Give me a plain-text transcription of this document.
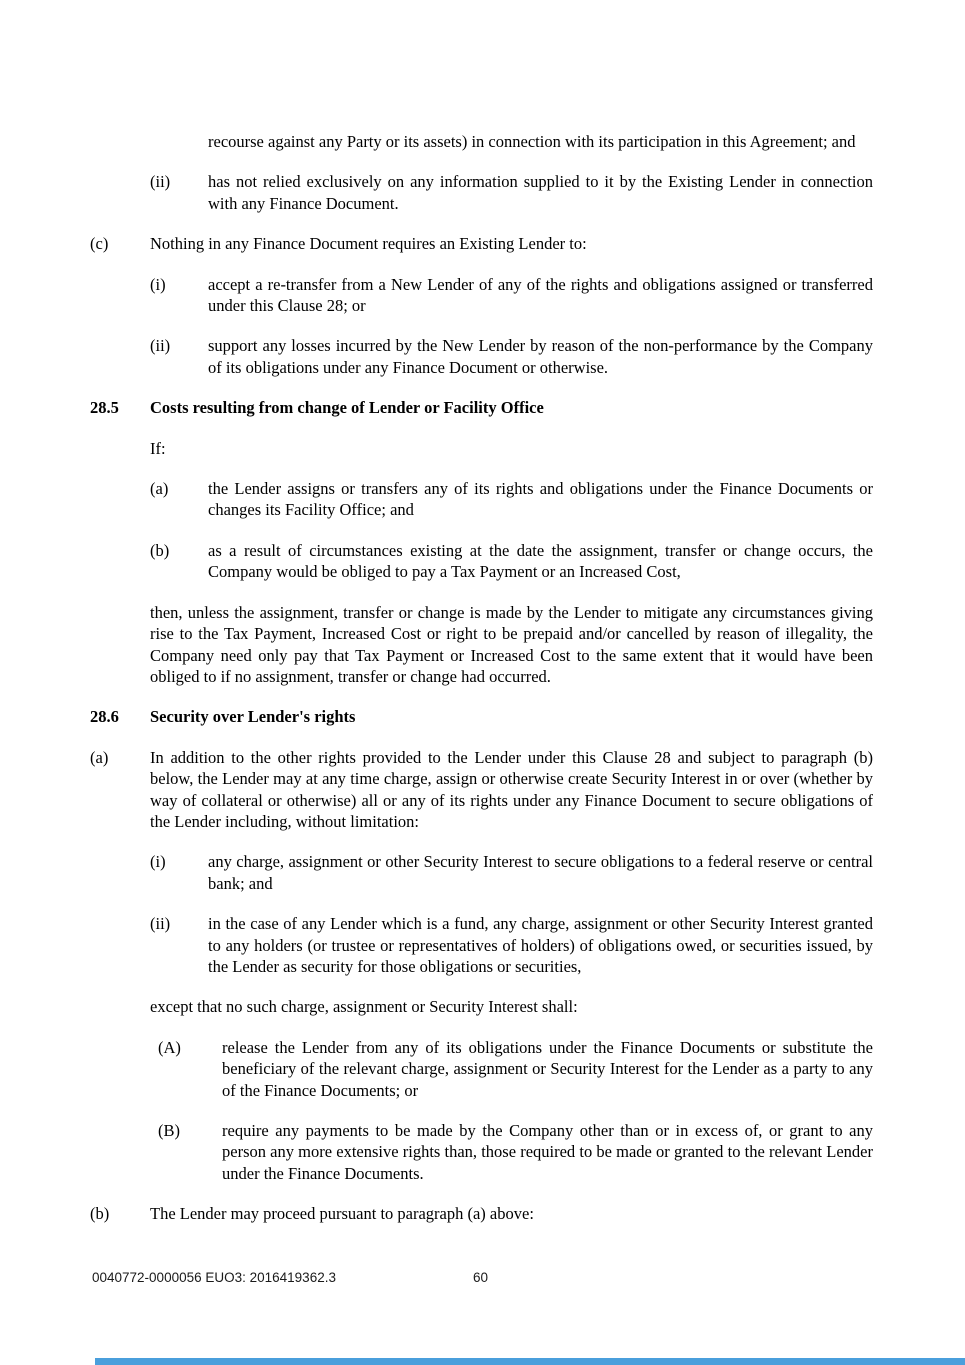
recourse against any Party or its assets) in connection with its participation in this Agreement; and
(ii)	has not relied exclusively on any information supplied to it by the Existing Lender in connection with any Finance Document.
(c)	Nothing in any Finance Document requires an Existing Lender to:
(i)	accept a re-transfer from a New Lender of any of the rights and obligations assigned or transferred under this Clause 28; or
(ii)	support any losses incurred by the New Lender by reason of the non-performance by the Company of its obligations under any Finance Document or otherwise.
28.5	Costs resulting from change of Lender or Facility Office
If:
(a)	the Lender assigns or transfers any of its rights and obligations under the Finance Documents or changes its Facility Office; and
(b)	as a result of circumstances existing at the date the assignment, transfer or change occurs, the Company would be obliged to pay a Tax Payment or an Increased Cost,
then, unless the assignment, transfer or change is made by the Lender to mitigate any circumstances giving rise to the Tax Payment, Increased Cost or right to be prepaid and/or cancelled by reason of illegality, the Company need only pay that Tax Payment or Increased Cost to the same extent that it would have been obliged to if no assignment, transfer or change had occurred.
28.6	Security over Lender's rights
(a)	In addition to the other rights provided to the Lender under this Clause 28 and subject to paragraph (b) below, the Lender may at any time charge, assign or otherwise create Security Interest in or over (whether by way of collateral or otherwise) all or any of its rights under any Finance Document to secure obligations of the Lender including, without limitation:
(i)	any charge, assignment or other Security Interest to secure obligations to a federal reserve or central bank; and
(ii)	in the case of any Lender which is a fund, any charge, assignment or other Security Interest granted to any holders (or trustee or representatives of holders) of obligations owed, or securities issued, by the Lender as security for those obligations or securities,
except that no such charge, assignment or Security Interest shall:
(A)	release the Lender from any of its obligations under the Finance Documents or substitute the beneficiary of the relevant charge, assignment or Security Interest for the Lender as a party to any of the Finance Documents; or
(B)	require any payments to be made by the Company other than or in excess of, or grant to any person any more extensive rights than, those required to be made or granted to the relevant Lender under the Finance Documents.
(b)	The Lender may proceed pursuant to paragraph (a) above:
0040772-0000056 EUO3: 2016419362.3	60
